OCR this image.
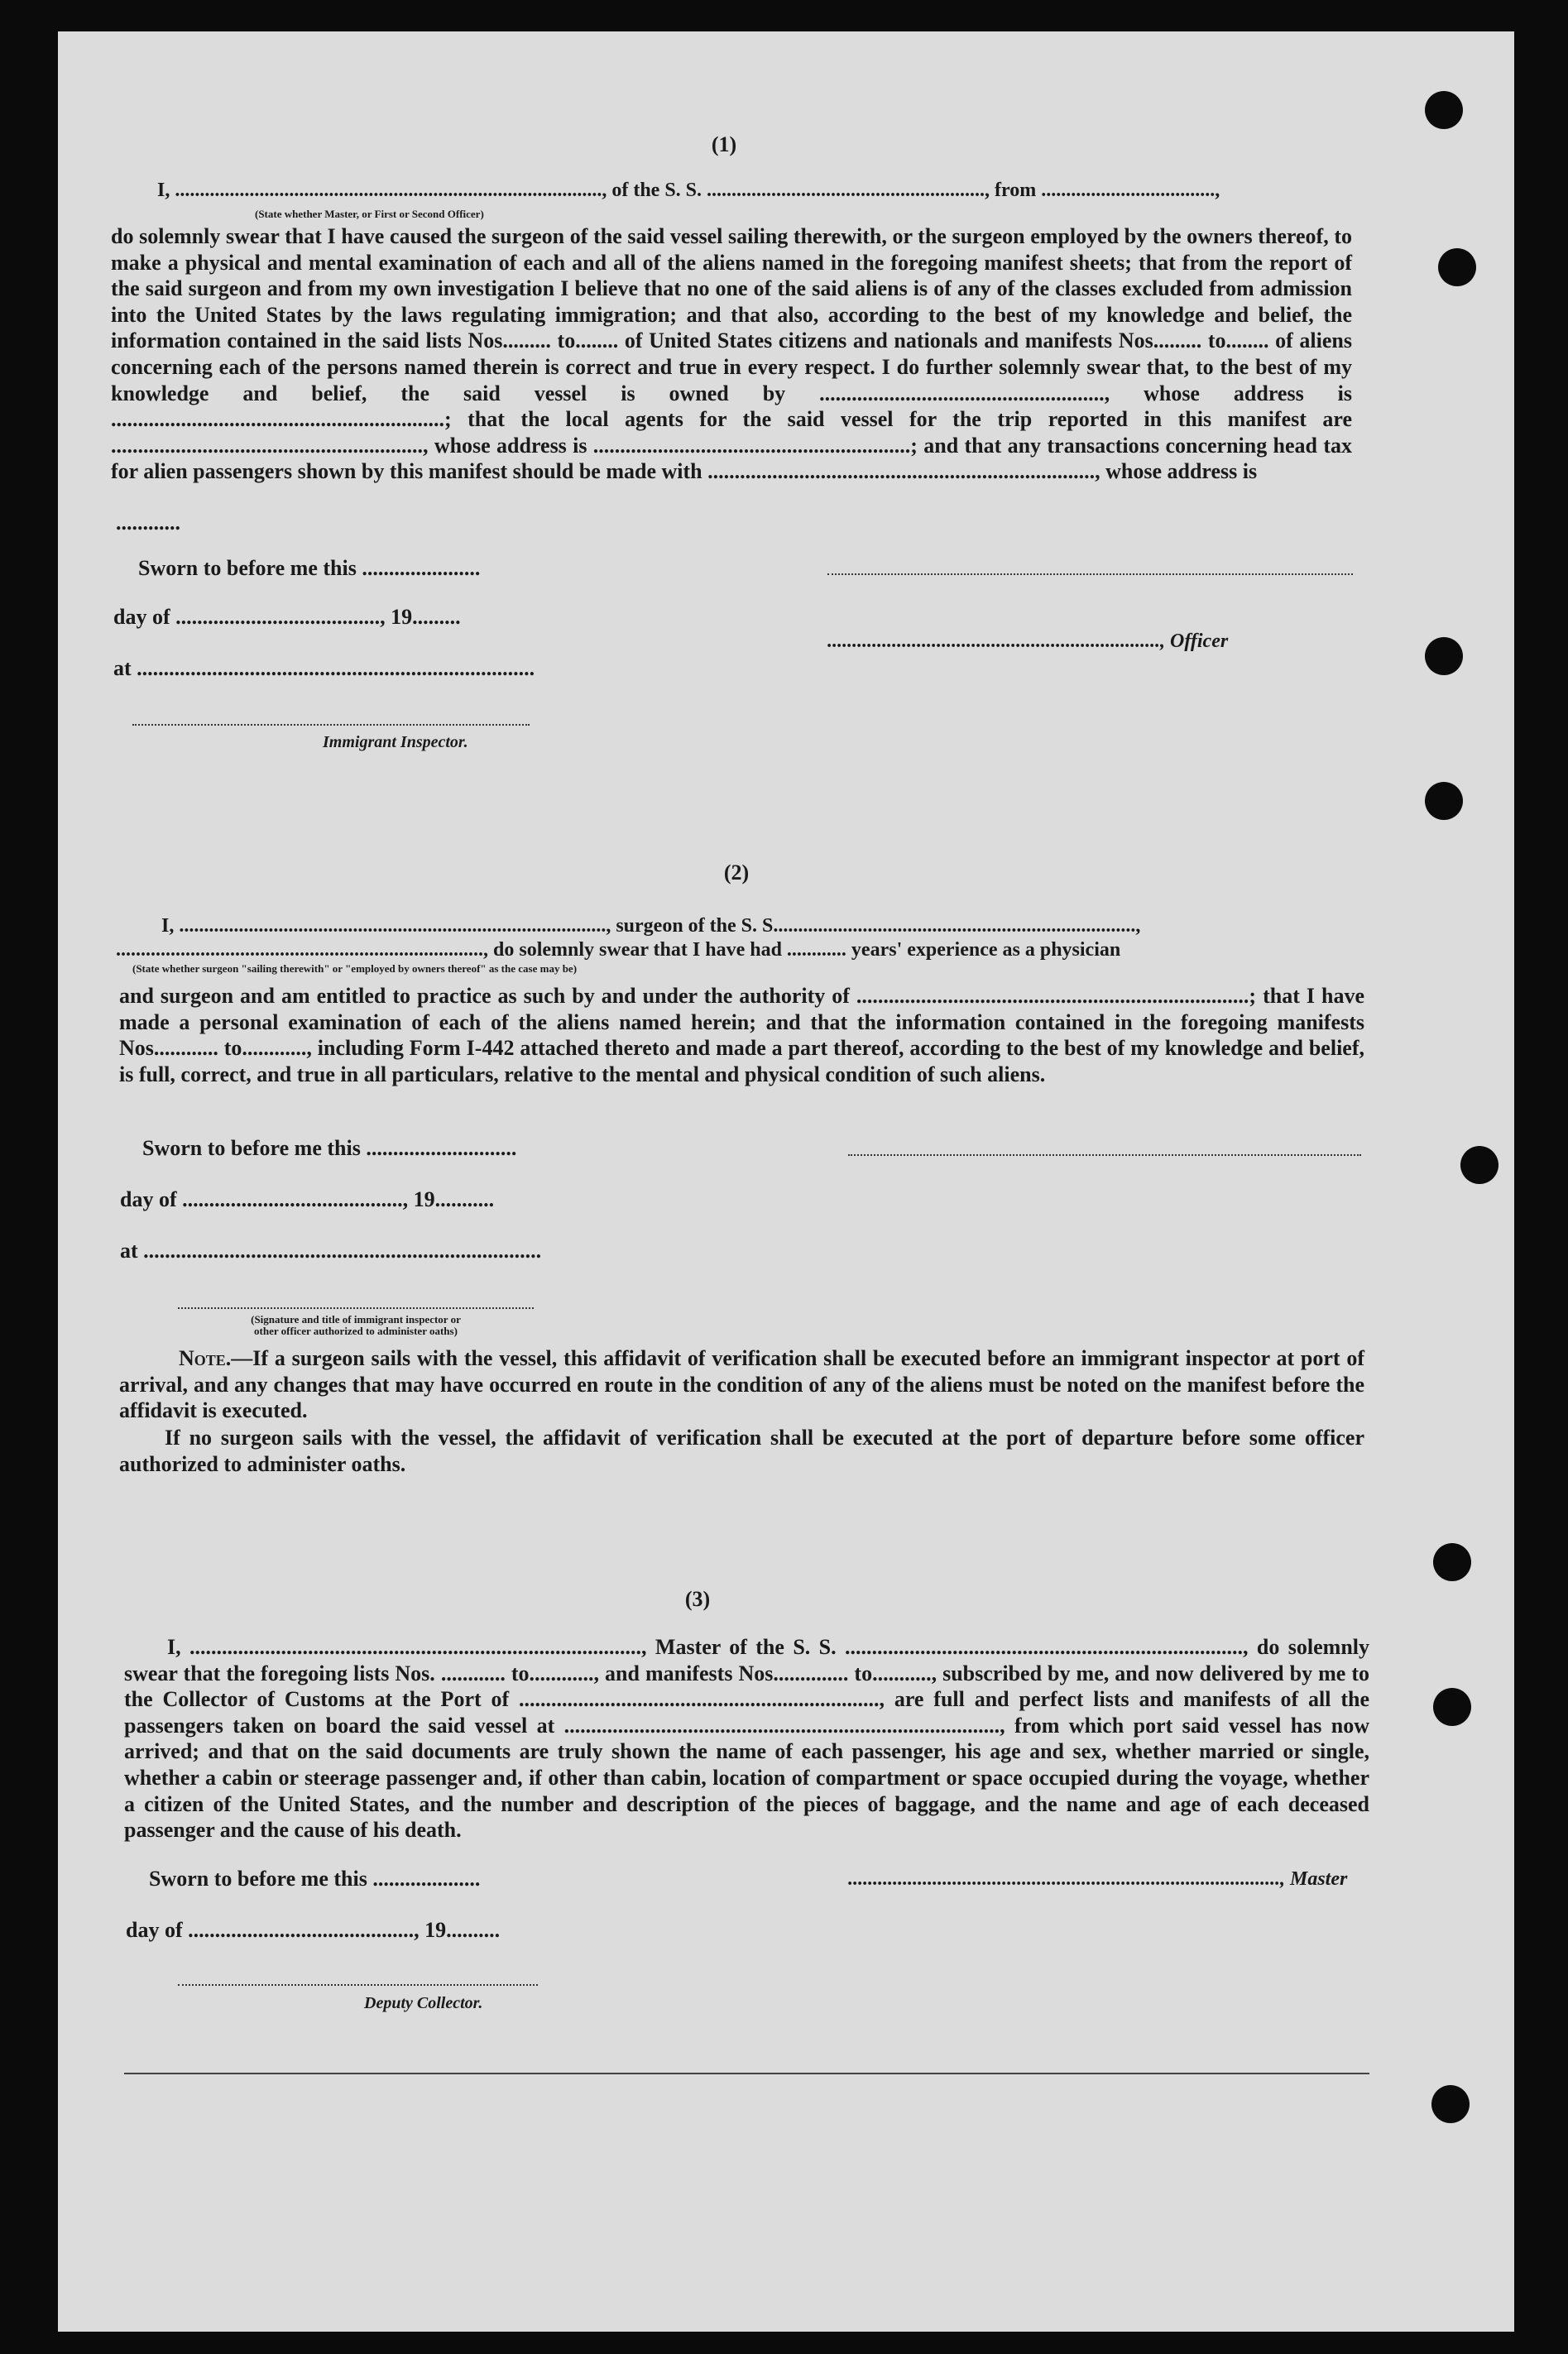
(1)
I, ......................................................................................, of the S. S. ........................................................, from ...................................,
(State whether Master, or First or Second Officer)
do solemnly swear that I have caused the surgeon of the said vessel sailing therewith, or the surgeon employed by the owners thereof, to make a physical and mental examination of each and all of the aliens named in the foregoing manifest sheets; that from the report of the said surgeon and from my own investigation I believe that no one of the said aliens is of any of the classes excluded from admission into the United States by the laws regulating immigration; and that also, according to the best of my knowledge and belief, the information contained in the said lists Nos......... to........ of United States citizens and nationals and manifests Nos......... to........ of aliens concerning each of the persons named therein is correct and true in every respect. I do further solemnly swear that, to the best of my knowledge and belief, the said vessel is owned by ....................................................., whose address is ..............................................................; that the local agents for the said vessel for the trip reported in this manifest are .........................................................., whose address is ...........................................................; and that any transactions concerning head tax for alien passengers shown by this manifest should be made with ........................................................................, whose address is
............
Sworn to before me this ......................
day of ......................................, 19.........
..................................................................., Officer
at ..........................................................................
Immigrant Inspector.
(2)
I, ......................................................................................, surgeon of the S. S.........................................................................,
.........................................................................., do solemnly swear that I have had ............ years' experience as a physician
(State whether surgeon "sailing therewith" or "employed by owners thereof" as the case may be)
and surgeon and am entitled to practice as such by and under the authority of .........................................................................; that I have made a personal examination of each of the aliens named herein; and that the information contained in the foregoing manifests Nos............ to............, including Form I-442 attached thereto and made a part thereof, according to the best of my knowledge and belief, is full, correct, and true in all particulars, relative to the mental and physical condition of such aliens.
Sworn to before me this ............................
day of ........................................., 19...........
at ..........................................................................
(Signature and title of immigrant inspector or
other officer authorized to administer oaths)
Note.—If a surgeon sails with the vessel, this affidavit of verification shall be executed before an immigrant inspector at port of arrival, and any changes that may have occurred en route in the condition of any of the aliens must be noted on the manifest before the affidavit is executed.
If no surgeon sails with the vessel, the affidavit of verification shall be executed at the port of departure before some officer authorized to administer oaths.
(3)
I, ...................................................................................., Master of the S. S. .........................................................................., do solemnly swear that the foregoing lists Nos. ............ to............, and manifests Nos.............. to..........., subscribed by me, and now delivered by me to the Collector of Customs at the Port of ..................................................................., are full and perfect lists and manifests of all the passengers taken on board the said vessel at ................................................................................., from which port said vessel has now arrived; and that on the said documents are truly shown the name of each passenger, his age and sex, whether married or single, whether a cabin or steerage passenger and, if other than cabin, location of compartment or space occupied during the voyage, whether a citizen of the United States, and the number and description of the pieces of baggage, and the name and age of each deceased passenger and the cause of his death.
Sworn to before me this ....................	......................................................................................., Master
day of .........................................., 19..........
Deputy Collector.
